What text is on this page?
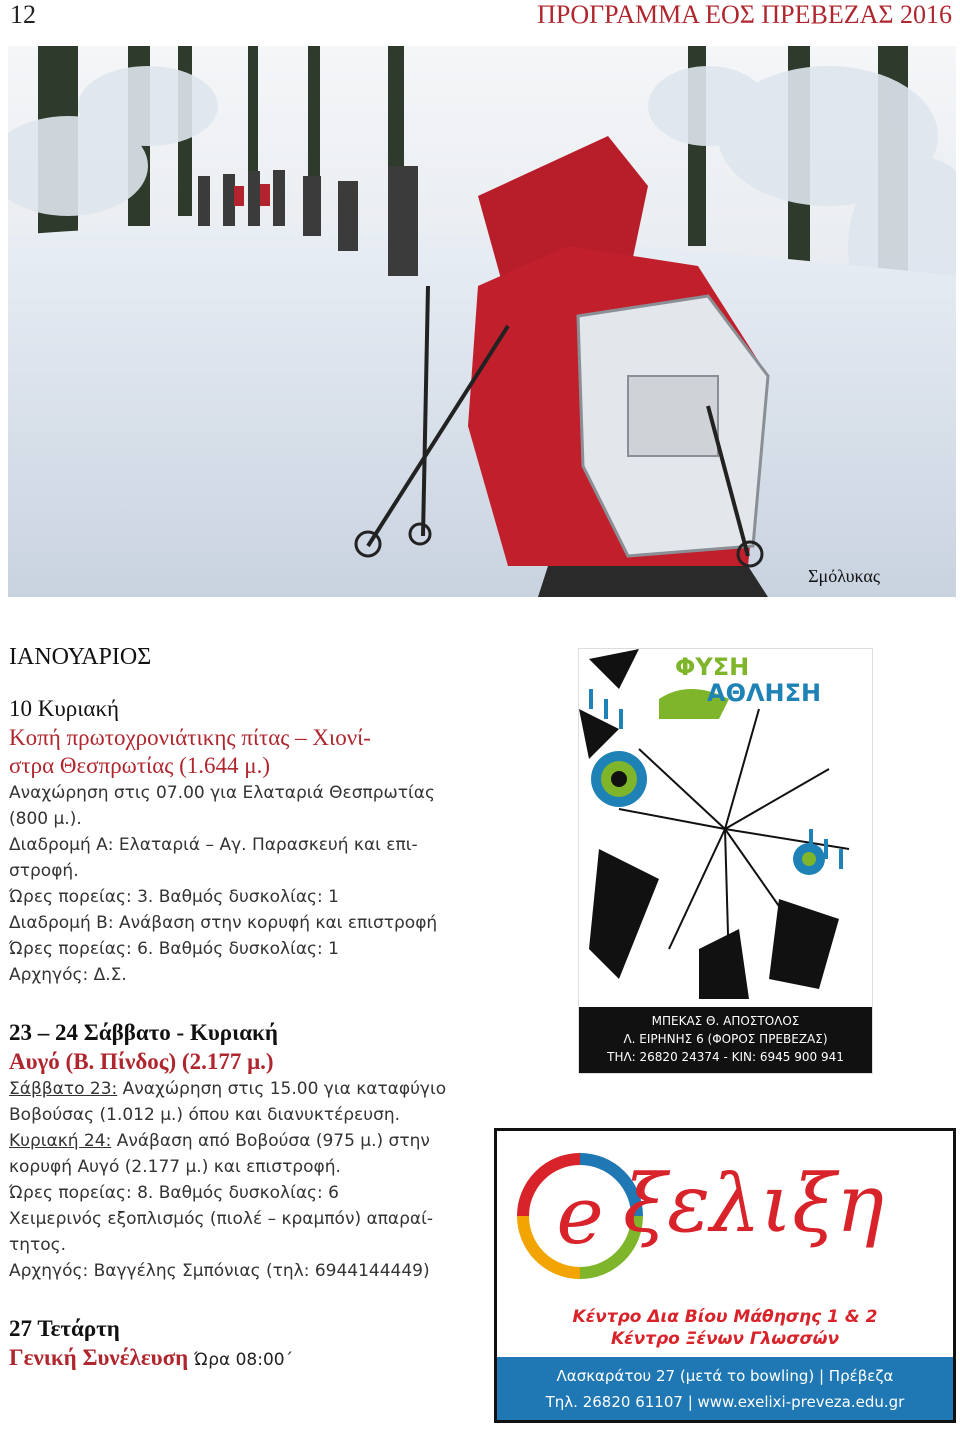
12	ΠΡΟΓΡΑΜΜΑ ΕΟΣ ΠΡΕΒΕΖΑΣ 2016
Σμόλυκας

ΙΑΝΟΥΑΡΙΟΣ

10 Κυριακή

Κοπή πρωτοχρονιάτικης πίτας – Χιονί-

στρα Θεσπρωτίας (1.644 μ.)

Αναχώρηση στις 07.00 για Ελαταριά Θεσπρωτίας

(800 μ.).

Διαδρομή Α: Ελαταριά – Αγ. Παρασκευή και επι-

στροφή.

Ώρες πορείας: 3. Βαθμός δυσκολίας: 1

Διαδρομή Β: Ανάβαση στην κορυφή και επιστροφή

Ώρες πορείας: 6. Βαθμός δυσκολίας: 1

Αρχηγός: Δ.Σ.

23 – 24 Σάββατο - Κυριακή

Αυγό (Β. Πίνδος) (2.177 μ.)

Σάββατο 23: Αναχώρηση στις 15.00 για καταφύγιο

Βοβούσας (1.012 μ.) όπου και διανυκτέρευση.

Κυριακή 24: Ανάβαση από Βοβούσα (975 μ.) στην

κορυφή Αυγό (2.177 μ.) και επιστροφή.

Ώρες πορείας: 8. Βαθμός δυσκολίας: 6

Χειμερινός εξοπλισμός (πιολέ – κραμπόν) απαραί-

τητος.

Αρχηγός: Βαγγέλης Σμπόνιας (τηλ: 6944144449)

27 Τετάρτη

Γενική Συνέλευση Ώρα 08:00΄

ΦΥΣΗ
ΑΘΛΗΣΗ
ΜΠΕΚΑΣ Θ. ΑΠΟΣΤΟΛΟΣ
Λ. ΕΙΡΗΝΗΣ 6 (ΦΟΡΟΣ ΠΡΕΒΕΖΑΣ)
ΤΗΛ: 26820 24374 - ΚΙΝ: 6945 900 941
e ξελιξη
Κέντρο Δια Βίου Μάθησης 1 & 2
Κέντρο Ξένων Γλωσσών
Λασκαράτου 27 (μετά το bowling) | Πρέβεζα
Τηλ. 26820 61107 | www.exelixi-preveza.edu.gr
